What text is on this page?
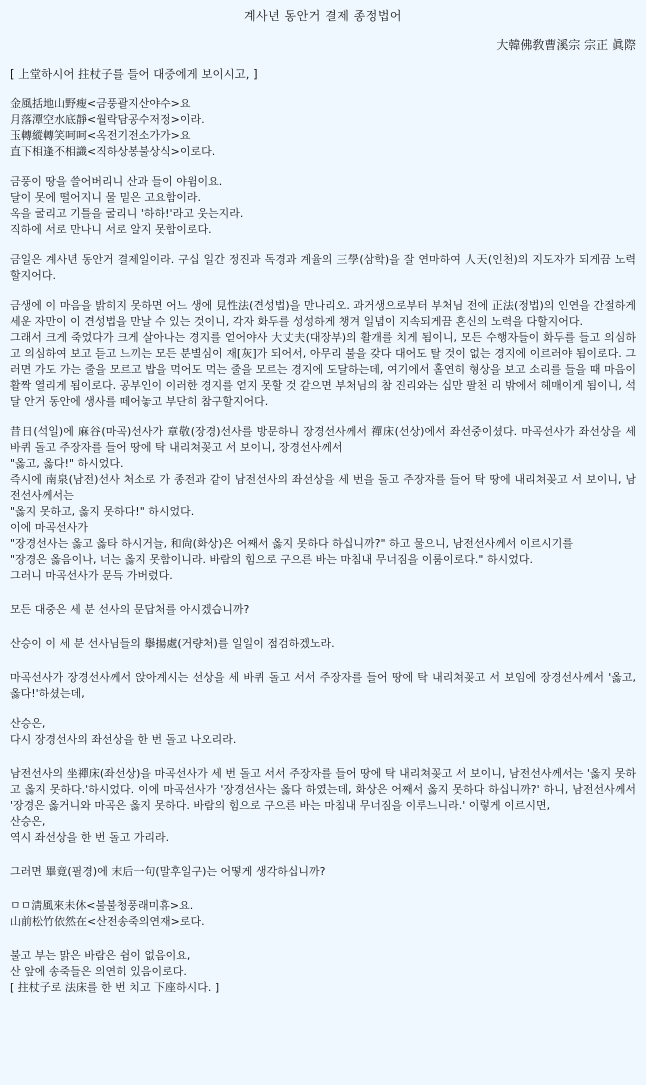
계사년 동안거 결제 종정법어

大韓佛敎曹溪宗 宗正 眞際

[ 上堂하시어 拄杖子를 들어 대중에게 보이시고, ]

金風括地山野瘦<금풍괄지산야수>요
月落潭空水底靜<월락담공수저정>이라.
玉轉縱轉笑呵呵<옥전기전소가가>요
直下相逢不相識<직하상봉불상식>이로다.

금풍이 땅을 쓸어버리니 산과 들이 야윔이요.
달이 못에 떨어지니 물 밑은 고요함이라.
옥을 굴리고 기틀을 굴리니 '하하!'라고 웃는지라.
직하에 서로 만나니 서로 알지 못함이로다.

금일은 계사년 동안거 결제일이라. 구십 일간 정진과 독경과 계율의 三學(삼학)을 잘 연마하여 人天(인천)의 지도자가 되게끔 노력할지어다.

금생에 이 마음을 밝히지 못하면 어느 생에 見性法(견성법)을 만나리오. 과거생으로부터 부처님 전에 正法(정법)의 인연을 간절하게 세운 자만이 이 견성법을 만날 수 있는 것이니, 각자 화두를 성성하게 챙겨 일념이 지속되게끔 혼신의 노력을 다할지어다.
그래서 크게 죽었다가 크게 살아나는 경지를 얻어야사 大丈夫(대장부)의 활개를 치게 됨이니, 모든 수행자들이 화두를 들고 의심하고 의심하여 보고 듣고 느끼는 모든 분별심이 재[灰]가 되어서, 아무리 불을 갖다 대어도 탈 것이 없는 경지에 이르러야 됨이로다. 그러면 가도 가는 줄을 모르고 밥을 먹어도 먹는 줄을 모르는 경지에 도달하는데, 여기에서 홀연히 형상을 보고 소리를 들을 때 마음이 활짝 열리게 됨이로다. 공부인이 이러한 경지를 얻지 못할 것 같으면 부처님의 참 진리와는 십만 팔천 리 밖에서 헤매이게 됨이니, 석 달 안거 동안에 생사를 떼어놓고 부단히 참구할지어다.

昔日(석일)에 麻谷(마곡)선사가 章敬(장경)선사를 방문하니 장경선사께서 禪床(선상)에서 좌선중이셨다. 마곡선사가 좌선상을 세 바퀴 돌고 주장자를 들어 땅에 탁 내리쳐꽂고 서 보이니, 장경선사께서
"옳고, 옳다!" 하시었다.
즉시에 南泉(남전)선사 처소로 가 종전과 같이 남전선사의 좌선상을 세 번을 돌고 주장자를 들어 탁 땅에 내리쳐꽂고 서 보이니, 남전선사께서는
"옳지 못하고, 옳지 못하다!" 하시었다.
이에 마곡선사가
"장경선사는 옳고 옳타 하시거늘, 和尙(화상)은 어째서 옳지 못하다 하십니까?" 하고 물으니, 남전선사께서 이르시기를
"장경은 옳음이나, 너는 옳지 못함이니라. 바람의 힘으로 구으른 바는 마침내 무너짐을 이룸이로다." 하시었다.
그러니 마곡선사가 문득 가버렸다.

모든 대중은 세 분 선사의 문답처를 아시겠습니까?

산승이 이 세 분 선사님들의 擧揚處(거량처)를 일일이 점검하겠노라.

마곡선사가 장경선사께서 앉아계시는 선상을 세 바퀴 돌고 서서 주장자를 들어 땅에 탁 내리쳐꽂고 서 보임에 장경선사께서 '옳고, 옳다!'하셨는데,

산승은,
다시 장경선사의 좌선상을 한 번 돌고 나오리라.

남전선사의 坐禪床(좌선상)을 마곡선사가 세 번 돌고 서서 주장자를 들어 땅에 탁 내리쳐꽂고 서 보이니, 남전선사께서는 '옳지 못하고 옳지 못하다.'하시었다. 이에 마곡선사가 '장경선사는 옳다 하였는데, 화상은 어째서 옳지 못하다 하십니까?' 하니, 남전선사께서 '장경은 옳거니와 마곡은 옳지 못하다. 바람의 힘으로 구으른 바는 마침내 무너짐을 이루느니라.' 이렇게 이르시면,
산승은,
역시 좌선상을 한 번 돌고 가리라.

그러면 畢竟(필경)에 末后一句(말후일구)는 어떻게 생각하십니까?

ㅁㅁ淸風來未休<불불청풍래미휴>요.
山前松竹依然在<산전송죽의연재>로다.

불고 부는 맑은 바람은 쉼이 없음이요,
산 앞에 송죽들은 의연히 있음이로다.
[ 拄杖子로 法床를 한 번 치고 下座하시다. ]
